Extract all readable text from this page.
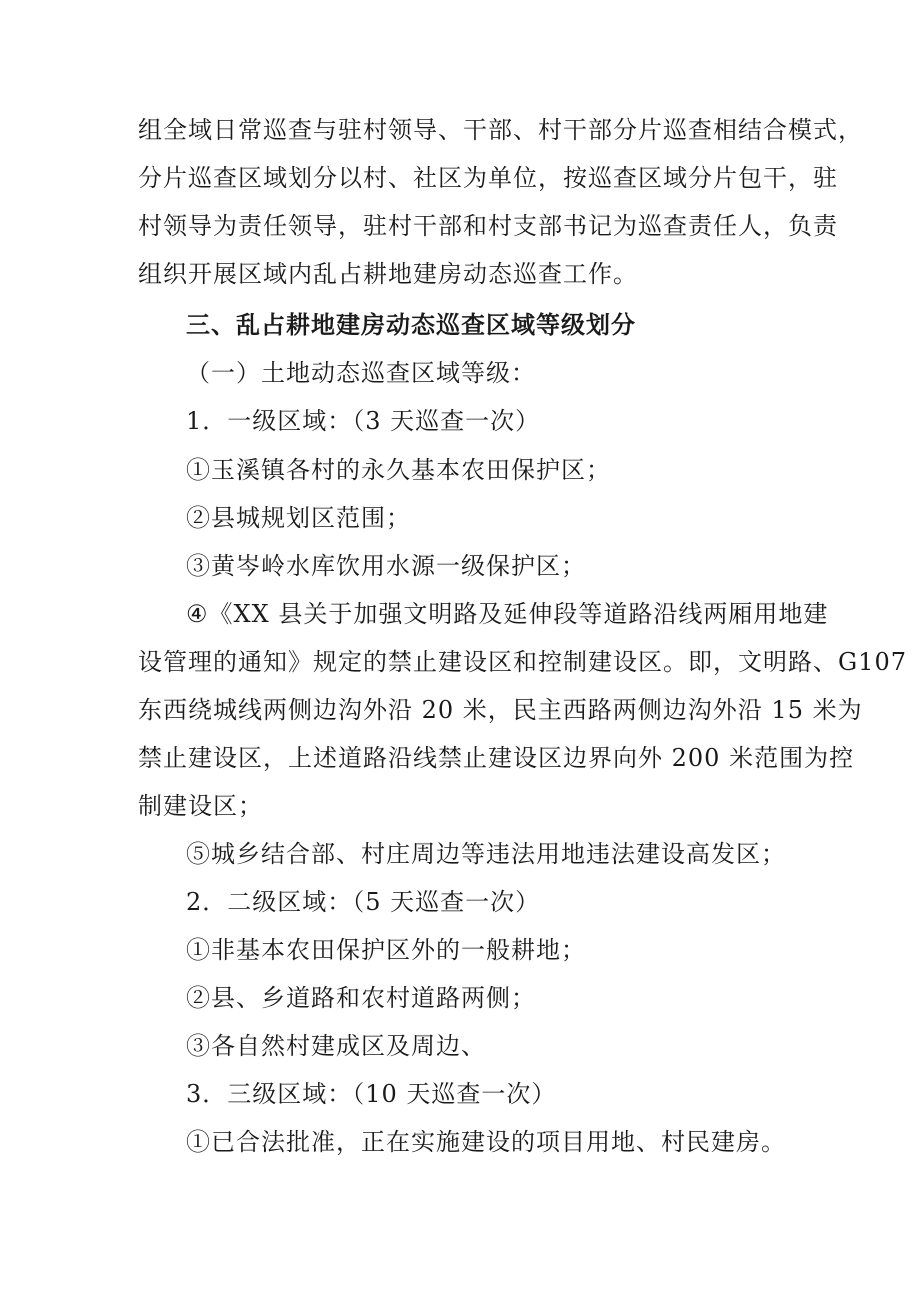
组全域日常巡查与驻村领导、干部、村干部分片巡查相结合模式，
分片巡查区域划分以村、社区为单位，按巡查区域分片包干，驻
村领导为责任领导，驻村干部和村支部书记为巡查责任人，负责
组织开展区域内乱占耕地建房动态巡查工作。
三、乱占耕地建房动态巡查区域等级划分
（一）土地动态巡查区域等级：
1．一级区域：（3 天巡查一次）
①玉溪镇各村的永久基本农田保护区；
②县城规划区范围；
③黄岑岭水库饮用水源一级保护区；
④《XX 县关于加强文明路及延伸段等道路沿线两厢用地建
设管理的通知》规定的禁止建设区和控制建设区。即，文明路、G107
东西绕城线两侧边沟外沿 20 米，民主西路两侧边沟外沿 15 米为
禁止建设区，上述道路沿线禁止建设区边界向外 200 米范围为控
制建设区；
⑤城乡结合部、村庄周边等违法用地违法建设高发区；
2．二级区域：（5 天巡查一次）
①非基本农田保护区外的一般耕地；
②县、乡道路和农村道路两侧；
③各自然村建成区及周边、
3．三级区域：（10 天巡查一次）
①已合法批准，正在实施建设的项目用地、村民建房。
